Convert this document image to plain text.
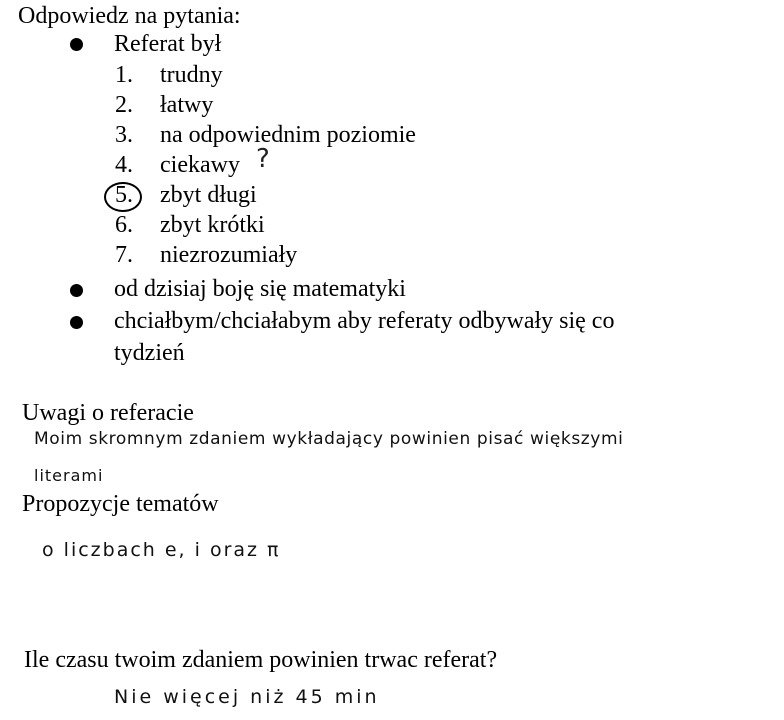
Odpowiedz na pytania:
Referat był
1. trudny
2. łatwy
3. na odpowiednim poziomie
4. ciekawy ?
5. zbyt długi
6. zbyt krótki
7. niezrozumiały
od dzisiaj boję się matematyki
chciałbym/chciałabym aby referaty odbywały się co
tydzień
Uwagi o referacie
Moim skromnym zdaniem wykładający powinien pisać większymi
literami
Propozycje tematów
o liczbach e, i oraz π
Ile czasu twoim zdaniem powinien trwac referat?
Nie więcej niż 45 min
